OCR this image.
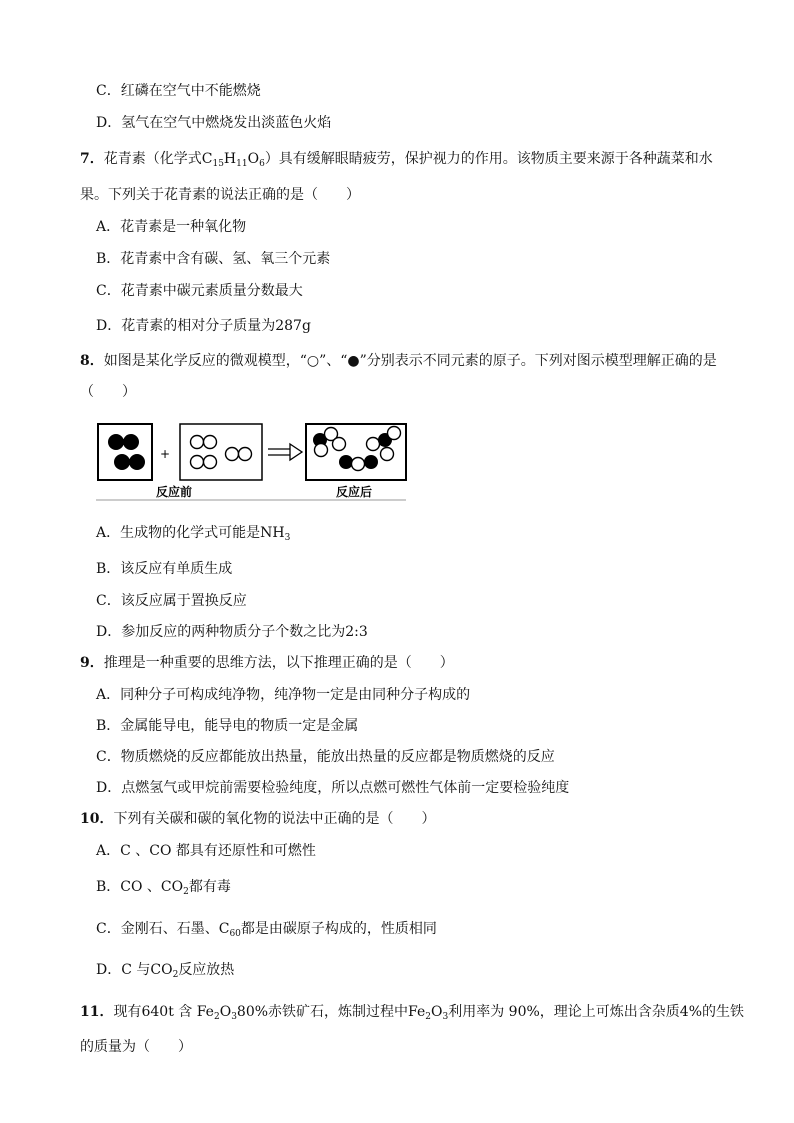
C．红磷在空气中不能燃烧
D．氢气在空气中燃烧发出淡蓝色火焰
7．花青素（化学式$C_{15}H_{11}O_6$）具有缓解眼睛疲劳，保护视力的作用。该物质主要来源于各种蔬菜和水
果。下列关于花青素的说法正确的是（　　）
A．花青素是一种氧化物
B．花青素中含有碳、氢、氧三个元素
C．花青素中碳元素质量分数最大
D．花青素的相对分子质量为287g
8．如图是某化学反应的微观模型，“○”、“●”分别表示不同元素的原子。下列对图示模型理解正确的是
（　　）
+
反应前	反应后
A．生成物的化学式可能是$NH_3$
B．该反应有单质生成
C．该反应属于置换反应
D．参加反应的两种物质分子个数之比为2:3
9．推理是一种重要的思维方法，以下推理正确的是（　　）
A．同种分子可构成纯净物，纯净物一定是由同种分子构成的
B．金属能导电，能导电的物质一定是金属
C．物质燃烧的反应都能放出热量，能放出热量的反应都是物质燃烧的反应
D．点燃氢气或甲烷前需要检验纯度，所以点燃可燃性气体前一定要检验纯度
10．下列有关碳和碳的氧化物的说法中正确的是（　　）
A．C 、CO 都具有还原性和可燃性
B．CO 、$CO_2$都有毒
C．金刚石、石墨、$C_{60}$都是由碳原子构成的，性质相同
D．C 与$CO_2$反应放热
11．现有640t 含 $Fe_2O_380\%$赤铁矿石，炼制过程中$Fe_2O_3$利用率为 90%，理论上可炼出含杂质4%的生铁
的质量为（　　）
